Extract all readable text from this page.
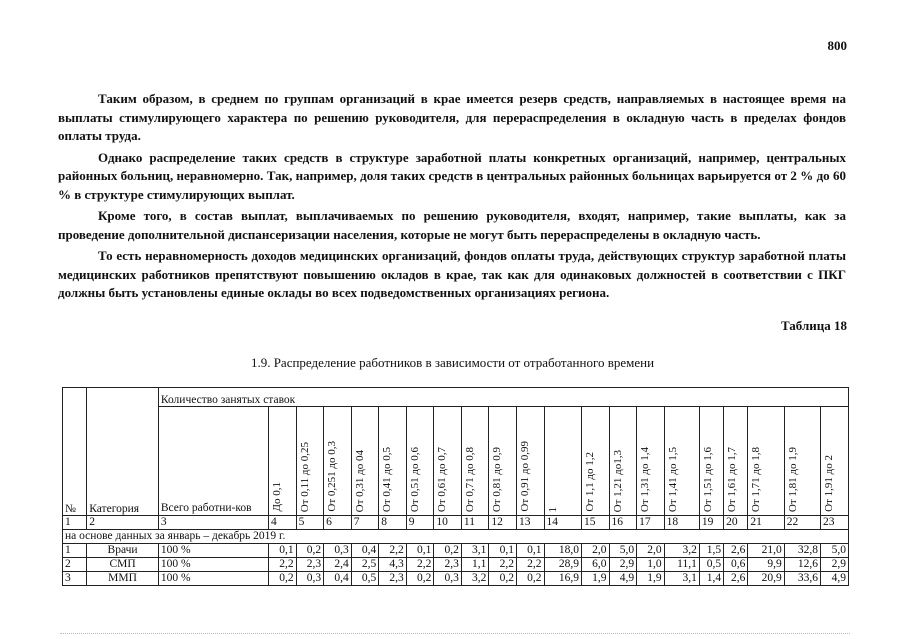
800

Таким образом, в среднем по группам организаций в крае имеется резерв средств, направляемых в настоящее время на выплаты стимулирующего характера по решению руководителя, для перераспределения в окладную часть в пределах фондов оплаты труда.

Однако распределение таких средств в структуре заработной платы конкретных организаций, например, центральных районных больниц, неравномерно. Так, например, доля таких средств в центральных районных больницах варьируется от 2 % до 60 % в структуре стимулирующих выплат.

Кроме того, в состав выплат, выплачиваемых по решению руководителя, входят, например, такие выплаты, как за проведение дополнительной диспансеризации населения, которые не могут быть перераспределены в окладную часть.

То есть неравномерность доходов медицинских организаций, фондов оплаты труда, действующих структур заработной платы медицинских работников препятствуют повышению окладов в крае, так как для одинаковых должностей в соответствии с ПКГ должны быть установлены единые оклады во всех подведомственных организациях региона.

Таблица 18
1.9. Распределение работников в зависимости от отработанного времени
№	Категория	Количество занятых ставок																				
		Всего работни-ков	До 0,1	От 0,11 до 0,25	От 0,251 до 0,3	От 0,31 до 04	От 0,41 до 0,5	От 0,51 до 0,6	От 0,61 до 0,7	От 0,71 до 0,8	От 0,81 до 0,9	От 0,91 до 0,99	1	От 1,1 до 1,2	От 1,21 до1,3	От 1,31 до 1,4	От 1,41 до 1,5	От 1,51 до 1,6	От 1,61 до 1,7	От 1,71 до 1,8	От 1,81 до 1,9	От 1,91 до 2
1	2	3	4	5	6	7	8	9	10	11	12	13	14	15	16	17	18	19	20	21	22	23
на основе данных за январь – декабрь 2019 г.																						
1	Врачи	100 %	0,1	0,2	0,3	0,4	2,2	0,1	0,2	3,1	0,1	0,1	18,0	2,0	5,0	2,0	3,2	1,5	2,6	21,0	32,8	5,0
2	СМП	100 %	2,2	2,3	2,4	2,5	4,3	2,2	2,3	1,1	2,2	2,2	28,9	6,0	2,9	1,0	11,1	0,5	0,6	9,9	12,6	2,9
3	ММП	100 %	0,2	0,3	0,4	0,5	2,3	0,2	0,3	3,2	0,2	0,2	16,9	1,9	4,9	1,9	3,1	1,4	2,6	20,9	33,6	4,9
